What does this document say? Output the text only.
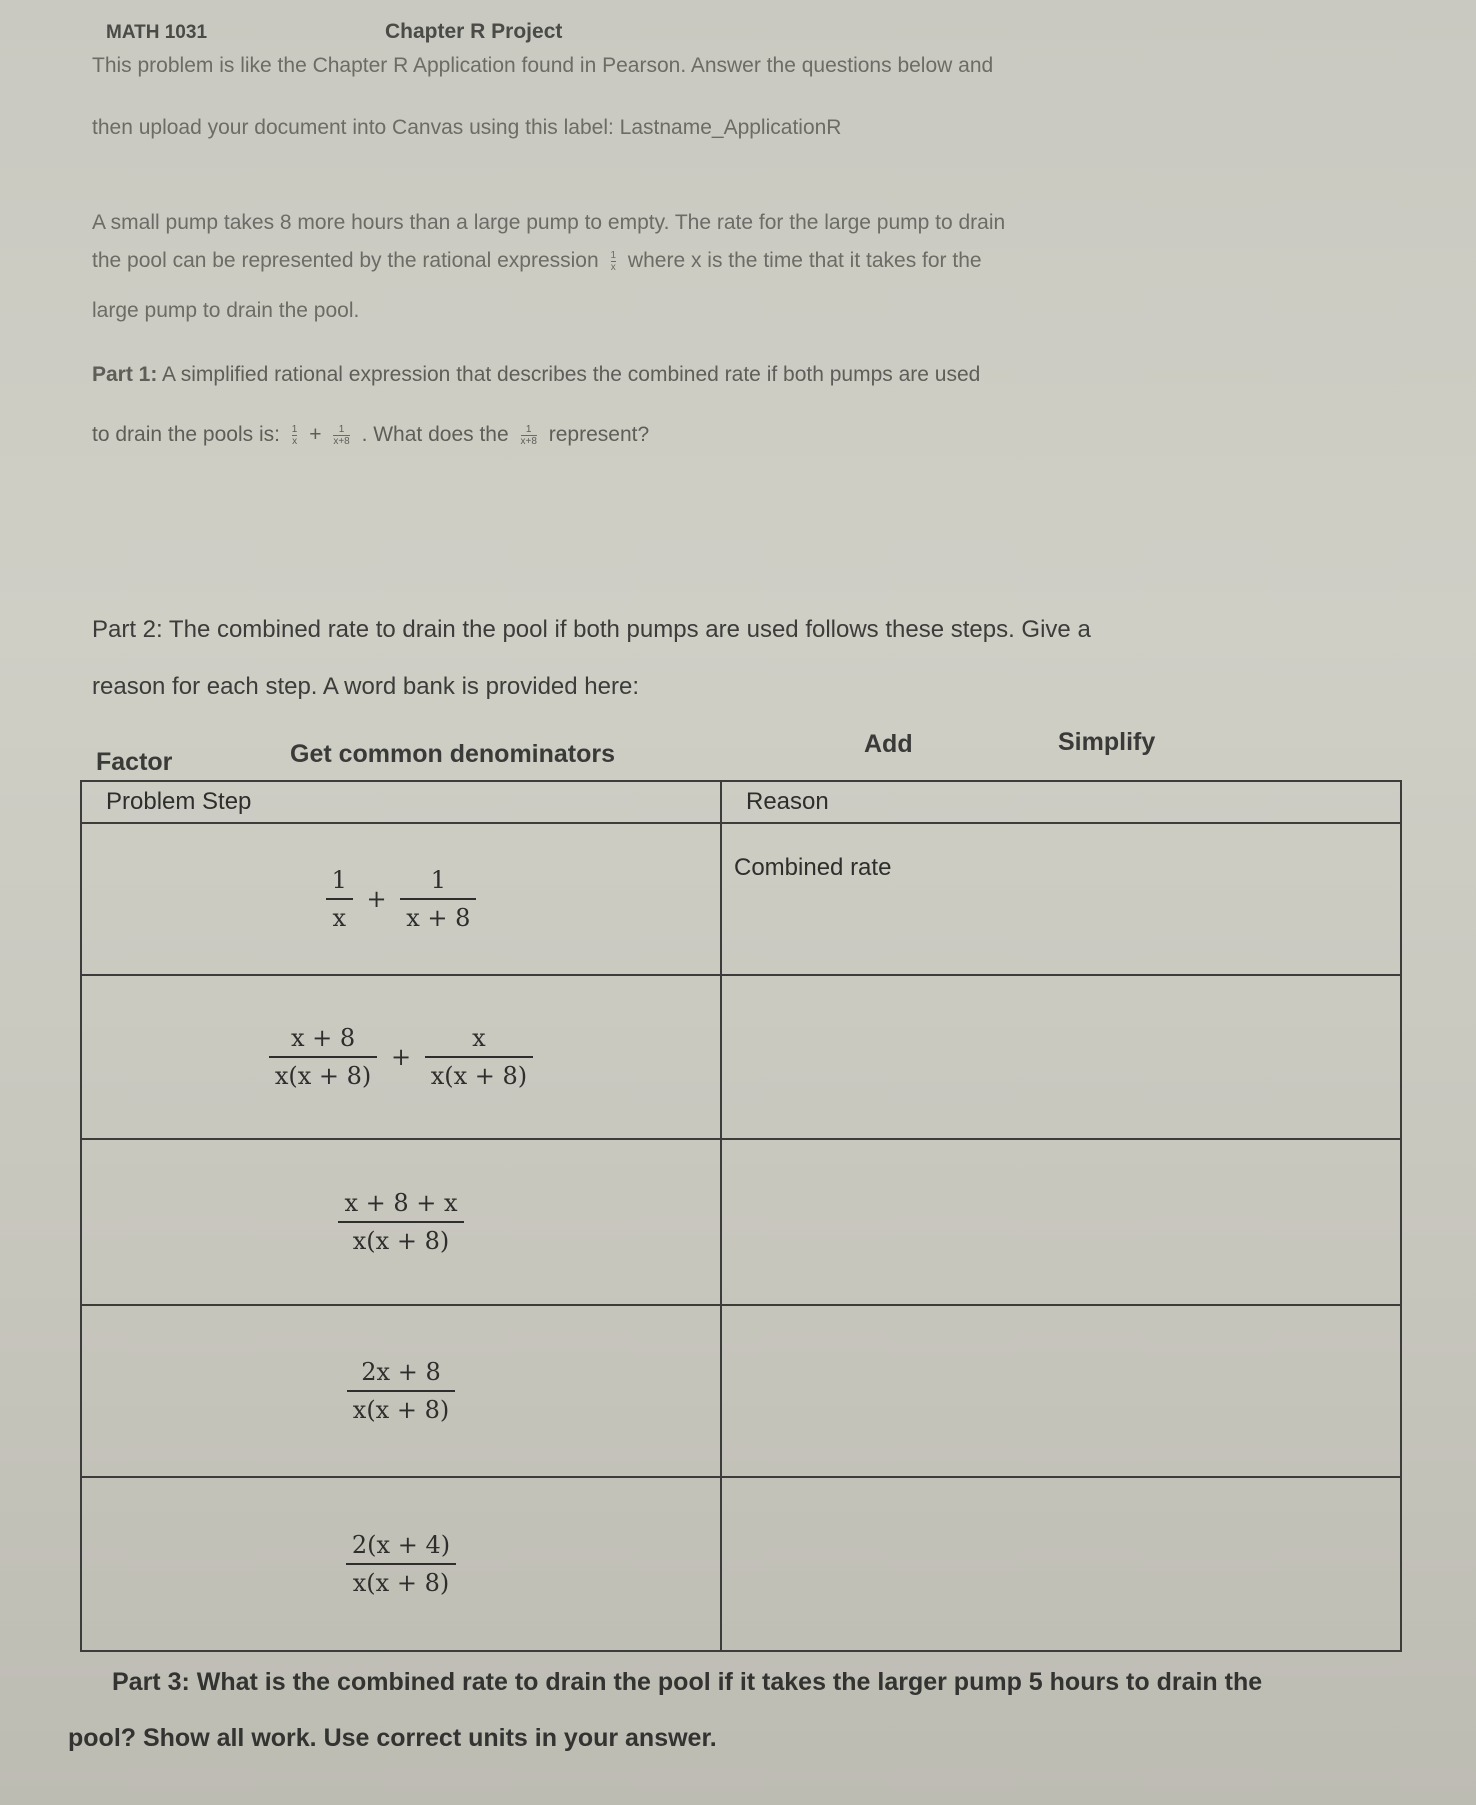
MATH 1031	Chapter R Project
This problem is like the Chapter R Application found in Pearson. Answer the questions below and
then upload your document into Canvas using this label: Lastname_ApplicationR
A small pump takes 8 more hours than a large pump to empty. The rate for the large pump to drain
the pool can be represented by the rational expression $\frac{1}{x}$ where x is the time that it takes for the
large pump to drain the pool.
Part 1: A simplified rational expression that describes the combined rate if both pumps are used
to drain the pools is: $\frac{1}{x} + \frac{1}{x+8}$ . What does the $\frac{1}{x+8}$ represent?
Part 2: The combined rate to drain the pool if both pumps are used follows these steps. Give a
reason for each step. A word bank is provided here:
Factor	Get common denominators	Add	Simplify
Problem Step	Reason

$\frac{1}{x} + \frac{1}{x + 8}$	Combined rate

$\frac{x + 8}{x(x + 8)} + \frac{x}{x(x + 8)}$

$\frac{x + 8 + x}{x(x + 8)}$

$\frac{2x + 8}{x(x + 8)}$

$\frac{2(x + 4)}{x(x + 8)}$

Part 3: What is the combined rate to drain the pool if it takes the larger pump 5 hours to drain the
pool? Show all work. Use correct units in your answer.
